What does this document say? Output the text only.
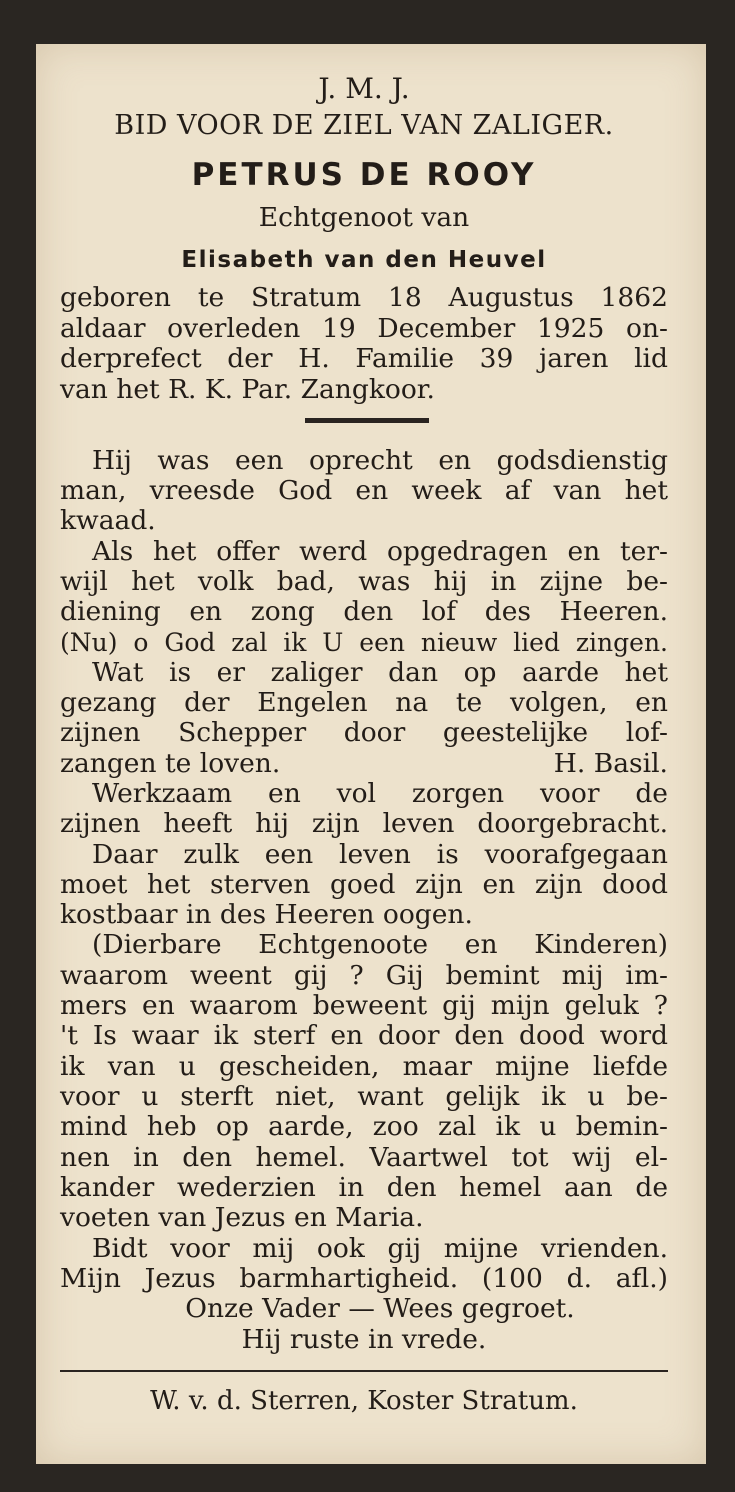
J. M. J.
BID VOOR DE ZIEL VAN ZALIGER.
PETRUS DE ROOY
Echtgenoot van
Elisabeth van den Heuvel
geboren te Stratum 18 Augustus 1862
aldaar overleden 19 December 1925 on-
derprefect der H. Familie 39 jaren lid
van het R. K. Par. Zangkoor.
Hij was een oprecht en godsdienstig
man, vreesde God en week af van het
kwaad.
Als het offer werd opgedragen en ter-
wijl het volk bad, was hij in zijne be-
diening en zong den lof des Heeren.
(Nu) o God zal ik U een nieuw lied zingen.
Wat is er zaliger dan op aarde het
gezang der Engelen na te volgen, en
zijnen Schepper door geestelijke lof-
zangen te loven.	H. Basil.
Werkzaam en vol zorgen voor de
zijnen heeft hij zijn leven doorgebracht.
Daar zulk een leven is voorafgegaan
moet het sterven goed zijn en zijn dood
kostbaar in des Heeren oogen.
(Dierbare Echtgenoote en Kinderen)
waarom weent gij ? Gij bemint mij im-
mers en waarom beweent gij mijn geluk ?
't Is waar ik sterf en door den dood word
ik van u gescheiden, maar mijne liefde
voor u sterft niet, want gelijk ik u be-
mind heb op aarde, zoo zal ik u bemin-
nen in den hemel. Vaartwel tot wij el-
kander wederzien in den hemel aan de
voeten van Jezus en Maria.
Bidt voor mij ook gij mijne vrienden.
Mijn Jezus barmhartigheid. (100 d. afl.)
Onze Vader — Wees gegroet.
Hij ruste in vrede.
W. v. d. Sterren, Koster Stratum.
